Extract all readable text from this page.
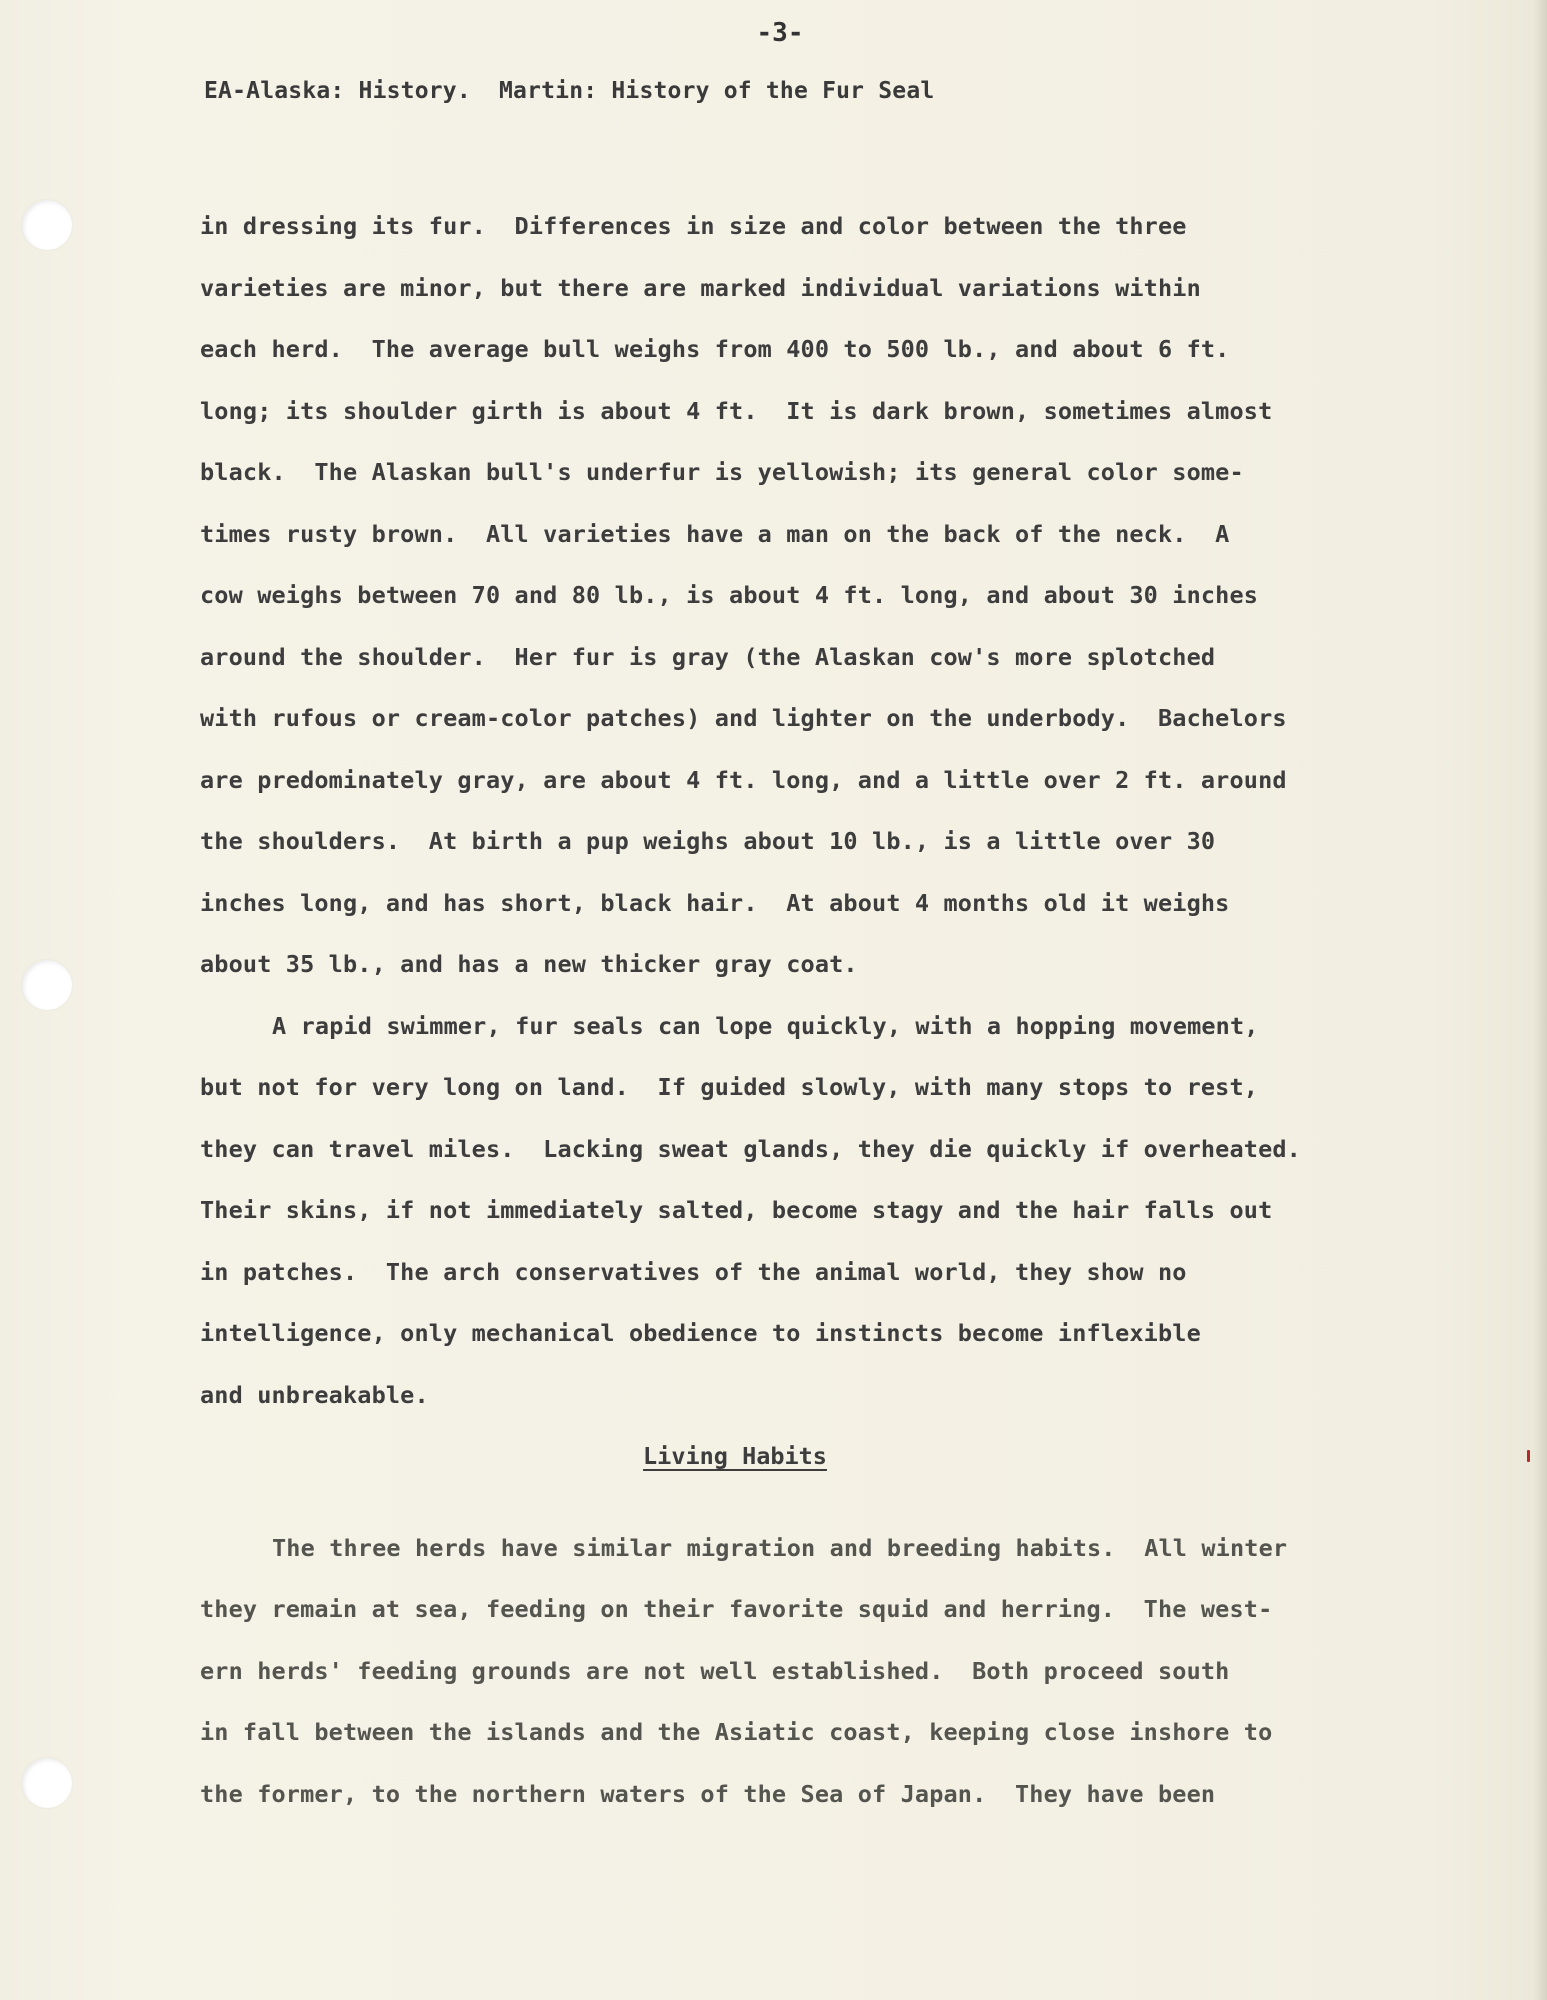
-3-
EA-Alaska: History.  Martin: History of the Fur Seal
in dressing its fur.  Differences in size and color between the three
varieties are minor, but there are marked individual variations within
each herd.  The average bull weighs from 400 to 500 lb., and about 6 ft.
long; its shoulder girth is about 4 ft.  It is dark brown, sometimes almost
black.  The Alaskan bull's underfur is yellowish; its general color some-
times rusty brown.  All varieties have a man on the back of the neck.  A
cow weighs between 70 and 80 lb., is about 4 ft. long, and about 30 inches
around the shoulder.  Her fur is gray (the Alaskan cow's more splotched
with rufous or cream-color patches) and lighter on the underbody.  Bachelors
are predominately gray, are about 4 ft. long, and a little over 2 ft. around
the shoulders.  At birth a pup weighs about 10 lb., is a little over 30
inches long, and has short, black hair.  At about 4 months old it weighs
about 35 lb., and has a new thicker gray coat.
A rapid swimmer, fur seals can lope quickly, with a hopping movement,
but not for very long on land.  If guided slowly, with many stops to rest,
they can travel miles.  Lacking sweat glands, they die quickly if overheated.
Their skins, if not immediately salted, become stagy and the hair falls out
in patches.  The arch conservatives of the animal world, they show no
intelligence, only mechanical obedience to instincts become inflexible
and unbreakable.
Living Habits
The three herds have similar migration and breeding habits.  All winter
they remain at sea, feeding on their favorite squid and herring.  The west-
ern herds' feeding grounds are not well established.  Both proceed south
in fall between the islands and the Asiatic coast, keeping close inshore to
the former, to the northern waters of the Sea of Japan.  They have been
